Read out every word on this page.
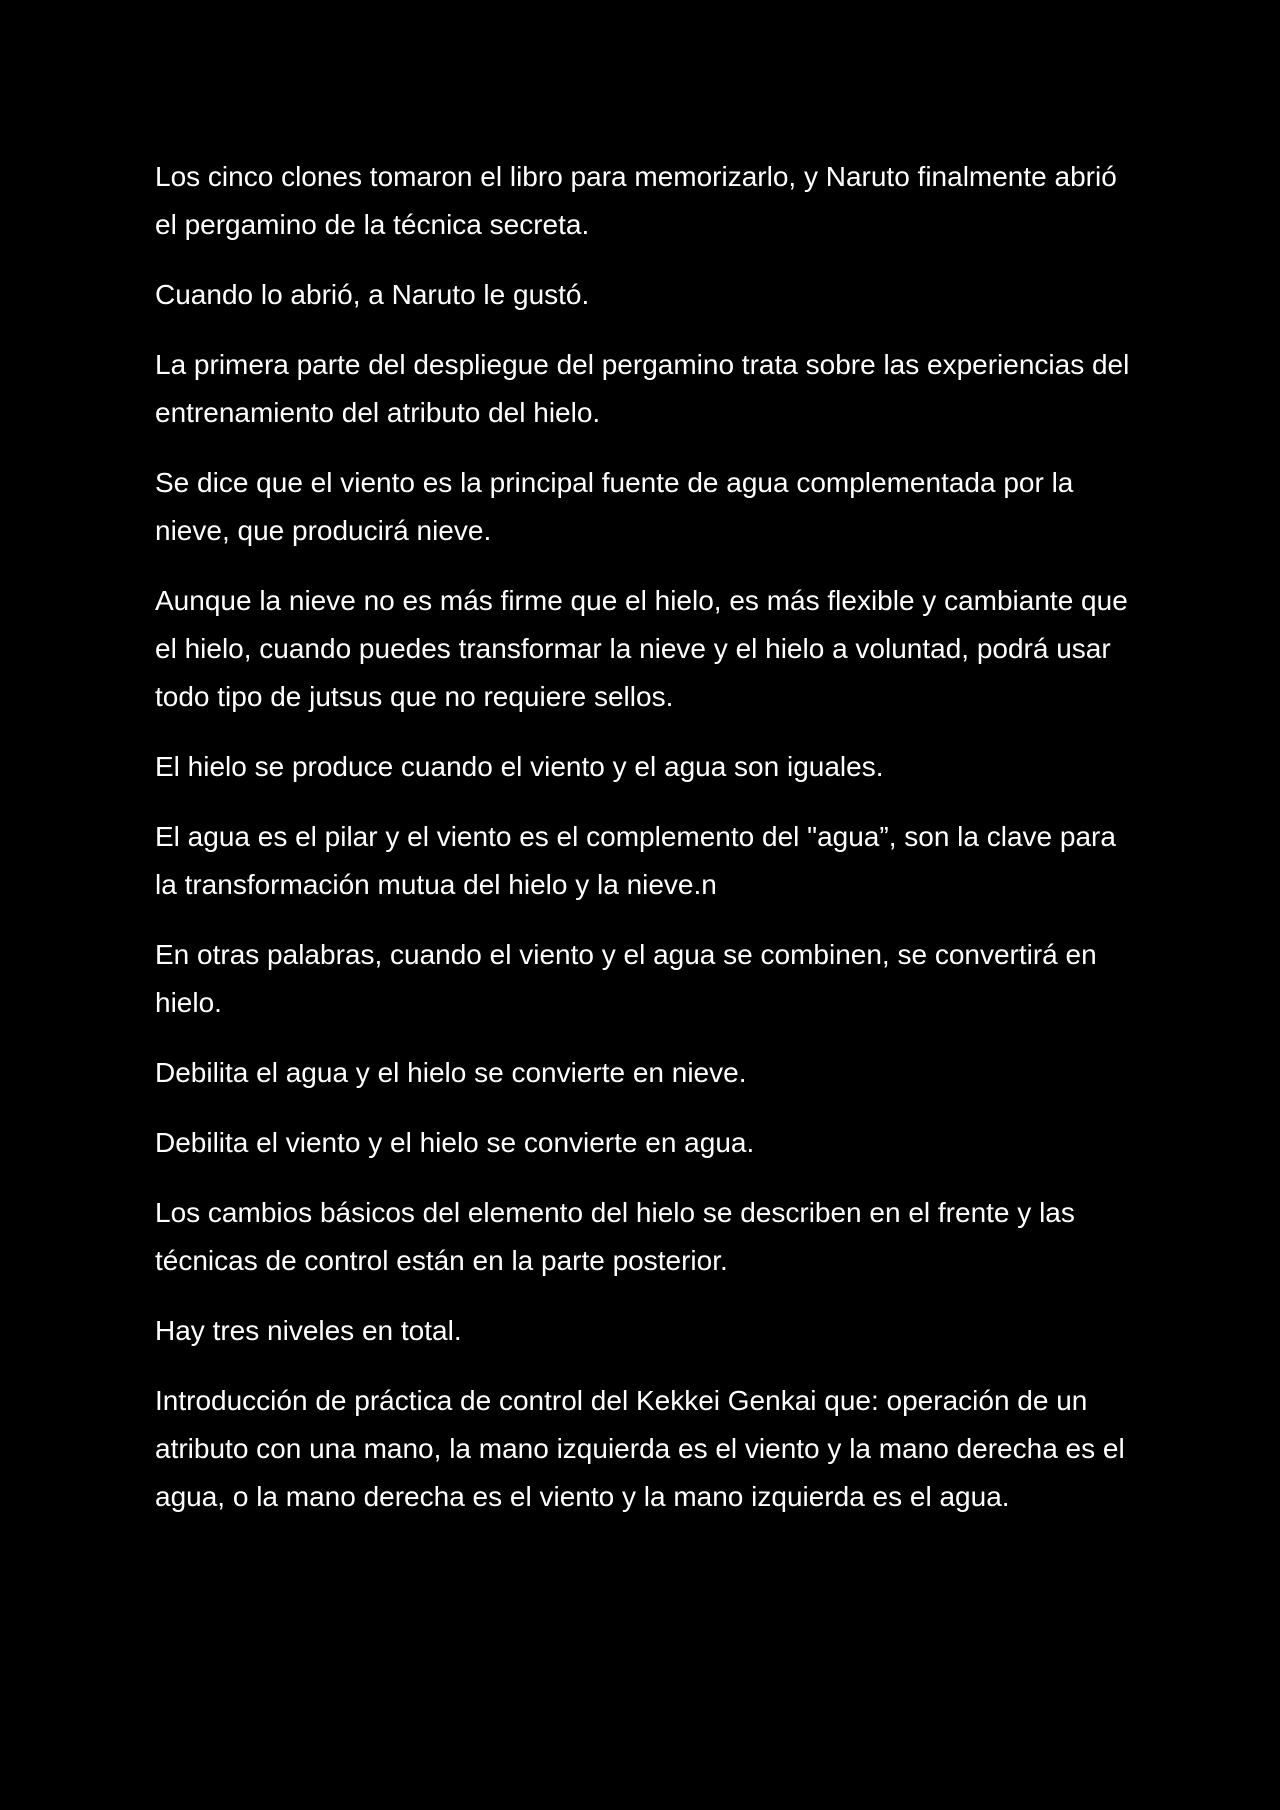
Los cinco clones tomaron el libro para memorizarlo, y Naruto finalmente abrió el pergamino de la técnica secreta.

Cuando lo abrió, a Naruto le gustó.

La primera parte del despliegue del pergamino trata sobre las experiencias del entrenamiento del atributo del hielo.

Se dice que el viento es la principal fuente de agua complementada por la nieve, que producirá nieve.

Aunque la nieve no es más firme que el hielo, es más flexible y cambiante que el hielo, cuando puedes transformar la nieve y el hielo a voluntad, podrá usar todo tipo de jutsus que no requiere sellos.

El hielo se produce cuando el viento y el agua son iguales.

El agua es el pilar y el viento es el complemento del "agua”, son la clave para la transformación mutua del hielo y la nieve.n

En otras palabras, cuando el viento y el agua se combinen, se convertirá en hielo.

Debilita el agua y el hielo se convierte en nieve.

Debilita el viento y el hielo se convierte en agua.

Los cambios básicos del elemento del hielo se describen en el frente y las técnicas de control están en la parte posterior.

Hay tres niveles en total.

Introducción de práctica de control del Kekkei Genkai que: operación de un atributo con una mano, la mano izquierda es el viento y la mano derecha es el agua, o la mano derecha es el viento y la mano izquierda es el agua.
